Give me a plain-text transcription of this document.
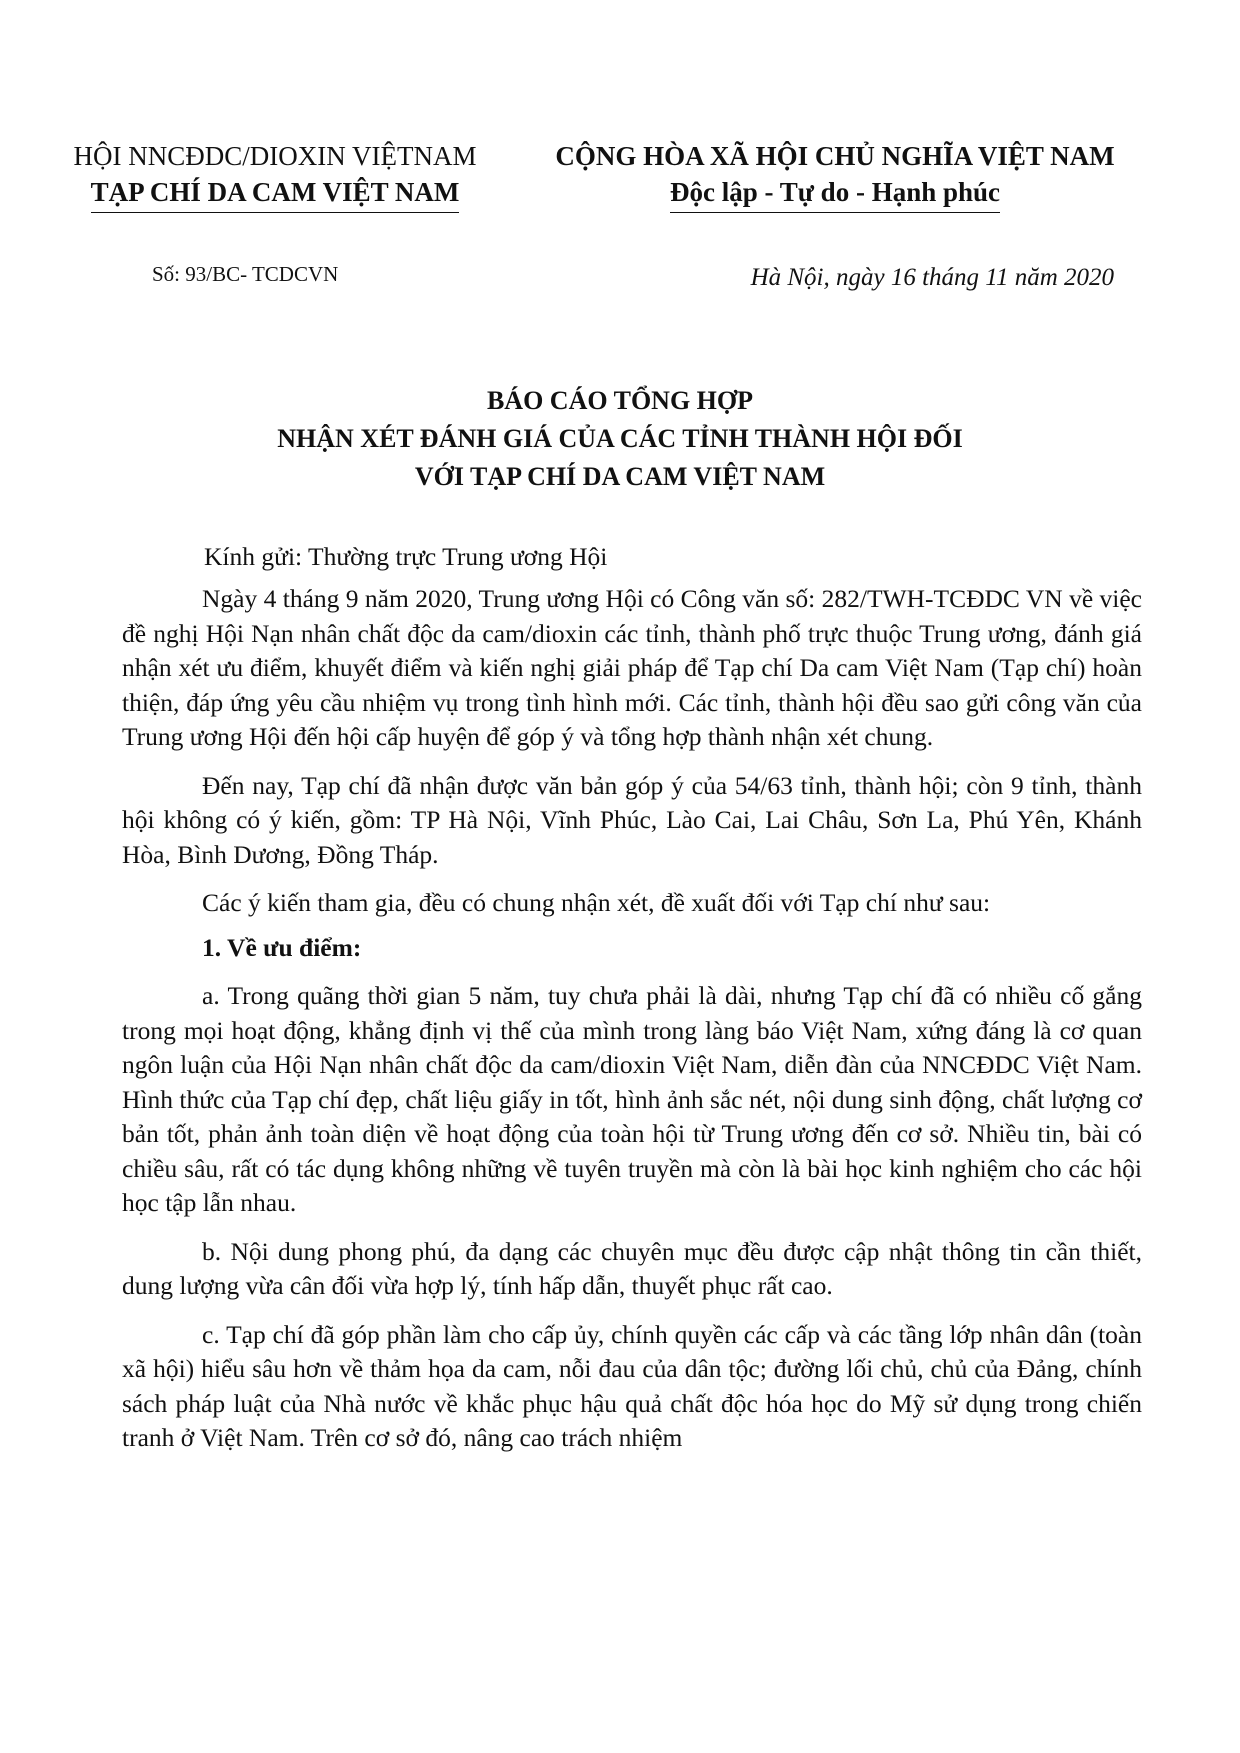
HỘI NNCĐDC/DIOXIN VIỆTNAM
TẠP CHÍ DA CAM VIỆT NAM
CỘNG HÒA XÃ HỘI CHỦ NGHĨA VIỆT NAM
Độc lập - Tự do - Hạnh phúc
Số: 93/BC- TCDCVN	Hà Nội, ngày 16 tháng 11 năm 2020
BÁO CÁO TỔNG HỢP
NHẬN XÉT ĐÁNH GIÁ CỦA CÁC TỈNH THÀNH HỘI ĐỐI
VỚI TẠP CHÍ DA CAM VIỆT NAM
Kính gửi: Thường trực Trung ương Hội

Ngày 4 tháng 9 năm 2020, Trung ương Hội có Công văn số: 282/TWH-TCĐDC VN về việc đề nghị Hội Nạn nhân chất độc da cam/dioxin các tỉnh, thành phố trực thuộc Trung ương, đánh giá nhận xét ưu điểm, khuyết điểm và kiến nghị giải pháp để Tạp chí Da cam Việt Nam (Tạp chí) hoàn thiện, đáp ứng yêu cầu nhiệm vụ trong tình hình mới. Các tỉnh, thành hội đều sao gửi công văn của Trung ương Hội đến hội cấp huyện để góp ý và tổng hợp thành nhận xét chung.

Đến nay, Tạp chí đã nhận được văn bản góp ý của 54/63 tỉnh, thành hội; còn 9 tỉnh, thành hội không có ý kiến, gồm: TP Hà Nội, Vĩnh Phúc, Lào Cai, Lai Châu, Sơn La, Phú Yên, Khánh Hòa, Bình Dương, Đồng Tháp.

Các ý kiến tham gia, đều có chung nhận xét, đề xuất đối với Tạp chí như sau:

1. Về ưu điểm:

a. Trong quãng thời gian 5 năm, tuy chưa phải là dài, nhưng Tạp chí đã có nhiều cố gắng trong mọi hoạt động, khẳng định vị thế của mình trong làng báo Việt Nam, xứng đáng là cơ quan ngôn luận của Hội Nạn nhân chất độc da cam/dioxin Việt Nam, diễn đàn của NNCĐDC Việt Nam. Hình thức của Tạp chí đẹp, chất liệu giấy in tốt, hình ảnh sắc nét, nội dung sinh động, chất lượng cơ bản tốt, phản ảnh toàn diện về hoạt động của toàn hội từ Trung ương đến cơ sở. Nhiều tin, bài có chiều sâu, rất có tác dụng không những về tuyên truyền mà còn là bài học kinh nghiệm cho các hội học tập lẫn nhau.

b. Nội dung phong phú, đa dạng các chuyên mục đều được cập nhật thông tin cần thiết, dung lượng vừa cân đối vừa hợp lý, tính hấp dẫn, thuyết phục rất cao.

c. Tạp chí đã góp phần làm cho cấp ủy, chính quyền các cấp và các tầng lớp nhân dân (toàn xã hội) hiểu sâu hơn về thảm họa da cam, nỗi đau của dân tộc; đường lối chủ, chủ của Đảng, chính sách pháp luật của Nhà nước về khắc phục hậu quả chất độc hóa học do Mỹ sử dụng trong chiến tranh ở Việt Nam. Trên cơ sở đó, nâng cao trách nhiệm
